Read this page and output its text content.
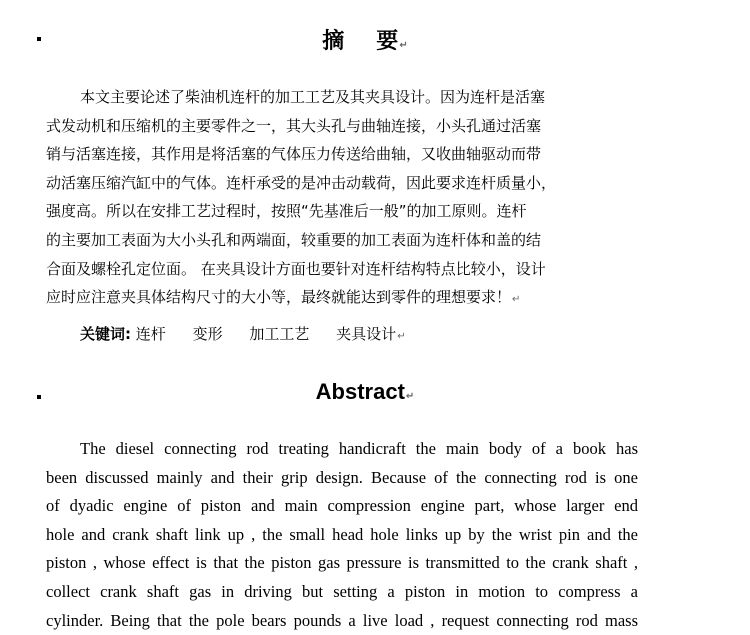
摘 要↵
本文主要论述了柴油机连杆的加工工艺及其夹具设计。因为连杆是活塞
式发动机和压缩机的主要零件之一，其大头孔与曲轴连接，小头孔通过活塞
销与活塞连接，其作用是将活塞的气体压力传送给曲轴，又收曲轴驱动而带
动活塞压缩汽缸中的气体。连杆承受的是冲击动载荷，因此要求连杆质量小，
强度高。所以在安排工艺过程时，按照“先基准后一般”的加工原则。连杆
的主要加工表面为大小头孔和两端面，较重要的加工表面为连杆体和盖的结
合面及螺栓孔定位面。 在夹具设计方面也要针对连杆结构特点比较小，设计
应时应注意夹具体结构尺寸的大小等，最终就能达到零件的理想要求！↵
关键词: 连杆 变形 加工工艺 夹具设计↵
Abstract↵
The diesel connecting rod treating handicraft the main body of a book has
been discussed mainly and their grip design. Because of the connecting rod is one
of dyadic engine of piston and main compression engine part, whose larger end
hole and crank shaft link up , the small head hole links up by the wrist pin and the
piston , whose effect is that the piston gas pressure is transmitted to the crank shaft ,
collect crank shaft gas in driving but setting a piston in motion to compress a
cylinder. Being that the pole bears pounds a live load , request connecting rod mass
